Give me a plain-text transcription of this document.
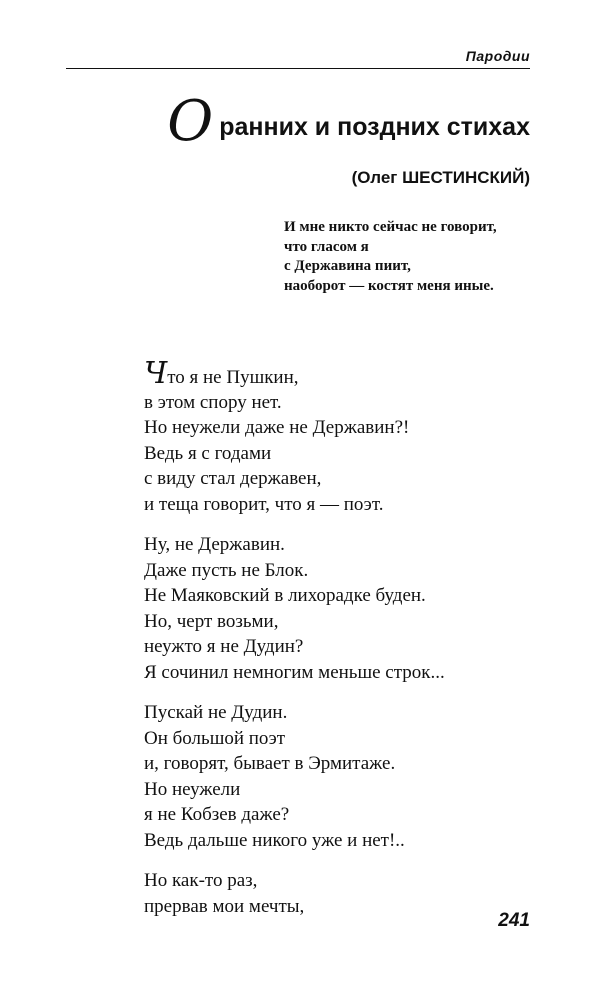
Пародии
О ранних и поздних стихах
(Олег ШЕСТИНСКИЙ)
И мне никто сейчас не говорит,
что гласом я
с Державина пиит,
наоборот — костят меня иные.
Что я не Пушкин,
в этом спору нет.
Но неужели даже не Державин?!
Ведь я с годами
с виду стал державен,
и теща говорит, что я — поэт.
Ну, не Державин.
Даже пусть не Блок.
Не Маяковский в лихорадке буден.
Но, черт возьми,
неужто я не Дудин?
Я сочинил немногим меньше строк...
Пускай не Дудин.
Он большой поэт
и, говорят, бывает в Эрмитаже.
Но неужели
я не Кобзев даже?
Ведь дальше никого уже и нет!..
Но как-то раз,
прервав мои мечты,
241
